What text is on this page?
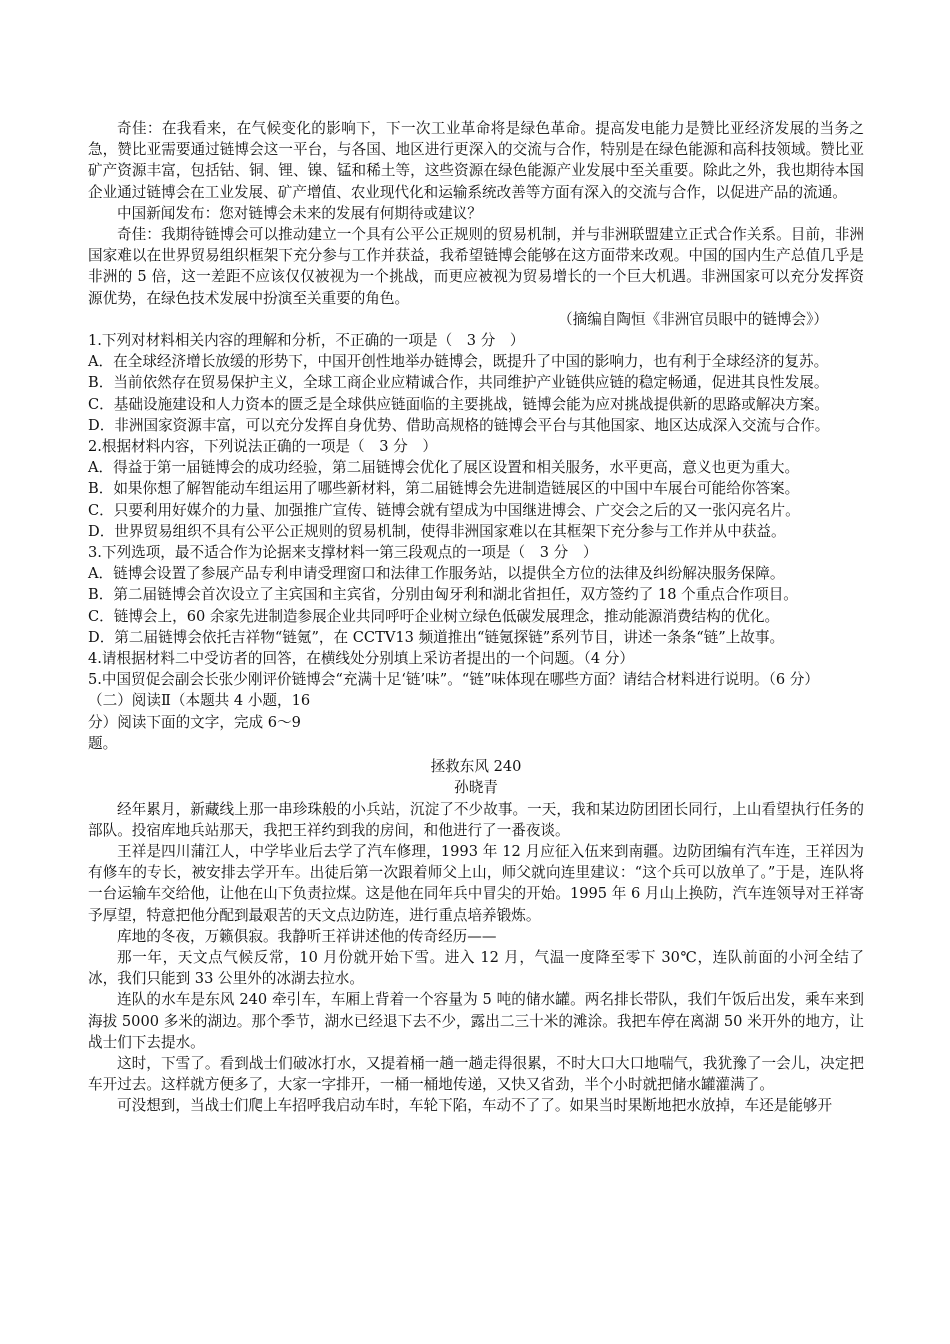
奇佳：在我看来，在气候变化的影响下，下一次工业革命将是绿色革命。提高发电能力是赞比亚经济发展的当务之急，赞比亚需要通过链博会这一平台，与各国、地区进行更深入的交流与合作，特别是在绿色能源和高科技领域。赞比亚矿产资源丰富，包括钴、铜、锂、镍、锰和稀土等，这些资源在绿色能源产业发展中至关重要。除此之外，我也期待本国企业通过链博会在工业发展、矿产增值、农业现代化和运输系统改善等方面有深入的交流与合作，以促进产品的流通。

中国新闻发布：您对链博会未来的发展有何期待或建议？

奇佳：我期待链博会可以推动建立一个具有公平公正规则的贸易机制，并与非洲联盟建立正式合作关系。目前，非洲国家难以在世界贸易组织框架下充分参与工作并获益，我希望链博会能够在这方面带来改观。中国的国内生产总值几乎是非洲的 5 倍，这一差距不应该仅仅被视为一个挑战，而更应被视为贸易增长的一个巨大机遇。非洲国家可以充分发挥资源优势，在绿色技术发展中扮演至关重要的角色。

（摘编自陶恒《非洲官员眼中的链博会》）

1.下列对材料相关内容的理解和分析，不正确的一项是（　3 分　）

A．在全球经济增长放缓的形势下，中国开创性地举办链博会，既提升了中国的影响力，也有利于全球经济的复苏。

B．当前依然存在贸易保护主义，全球工商企业应精诚合作，共同维护产业链供应链的稳定畅通，促进其良性发展。

C．基础设施建设和人力资本的匮乏是全球供应链面临的主要挑战，链博会能为应对挑战提供新的思路或解决方案。

D．非洲国家资源丰富，可以充分发挥自身优势、借助高规格的链博会平台与其他国家、地区达成深入交流与合作。

2.根据材料内容，下列说法正确的一项是（　3 分　）

A．得益于第一届链博会的成功经验，第二届链博会优化了展区设置和相关服务，水平更高，意义也更为重大。

B．如果你想了解智能动车组运用了哪些新材料，第二届链博会先进制造链展区的中国中车展台可能给你答案。

C．只要利用好媒介的力量、加强推广宣传、链博会就有望成为中国继进博会、广交会之后的又一张闪亮名片。

D．世界贸易组织不具有公平公正规则的贸易机制，使得非洲国家难以在其框架下充分参与工作并从中获益。

3.下列选项，最不适合作为论据来支撑材料一第三段观点的一项是（　3 分　）

A．链博会设置了参展产品专利申请受理窗口和法律工作服务站，以提供全方位的法律及纠纷解决服务保障。

B．第二届链博会首次设立了主宾国和主宾省，分别由匈牙利和湖北省担任，双方签约了 18 个重点合作项目。

C．链博会上，60 余家先进制造参展企业共同呼吁企业树立绿色低碳发展理念，推动能源消费结构的优化。

D．第二届链博会依托吉祥物“链氪”，在 CCTV13 频道推出“链氪探链”系列节目，讲述一条条“链”上故事。

4.请根据材料二中受访者的回答，在横线处分别填上采访者提出的一个问题。（4 分）

5.中国贸促会副会长张少刚评价链博会“充满十足‘链’味”。“链”味体现在哪些方面？请结合材料进行说明。（6 分）

（二）阅读Ⅱ（本题共 4 小题，16 分）阅读下面的文字，完成 6～9 题。

拯救东风 240

孙晓青

经年累月，新藏线上那一串珍珠般的小兵站，沉淀了不少故事。一天，我和某边防团团长同行，上山看望执行任务的部队。投宿库地兵站那天，我把王祥约到我的房间，和他进行了一番夜谈。

王祥是四川蒲江人，中学毕业后去学了汽车修理，1993 年 12 月应征入伍来到南疆。边防团编有汽车连，王祥因为有修车的专长，被安排去学开车。出徒后第一次跟着师父上山，师父就向连里建议：“这个兵可以放单了。”于是，连队将一台运输车交给他，让他在山下负责拉煤。这是他在同年兵中冒尖的开始。1995 年 6 月山上换防，汽车连领导对王祥寄予厚望，特意把他分配到最艰苦的天文点边防连，进行重点培养锻炼。

库地的冬夜，万籁俱寂。我静听王祥讲述他的传奇经历——

那一年，天文点气候反常，10 月份就开始下雪。进入 12 月，气温一度降至零下 30℃，连队前面的小河全结了冰，我们只能到 33 公里外的冰湖去拉水。

连队的水车是东风 240 牵引车，车厢上背着一个容量为 5 吨的储水罐。两名排长带队，我们午饭后出发，乘车来到海拔 5000 多米的湖边。那个季节，湖水已经退下去不少，露出二三十米的滩涂。我把车停在离湖 50 米开外的地方，让战士们下去提水。

这时，下雪了。看到战士们破冰打水，又提着桶一趟一趟走得很累，不时大口大口地喘气，我犹豫了一会儿，决定把车开过去。这样就方便多了，大家一字排开，一桶一桶地传递，又快又省劲，半个小时就把储水罐灌满了。

可没想到，当战士们爬上车招呼我启动车时，车轮下陷，车动不了了。如果当时果断地把水放掉，车还是能够开
